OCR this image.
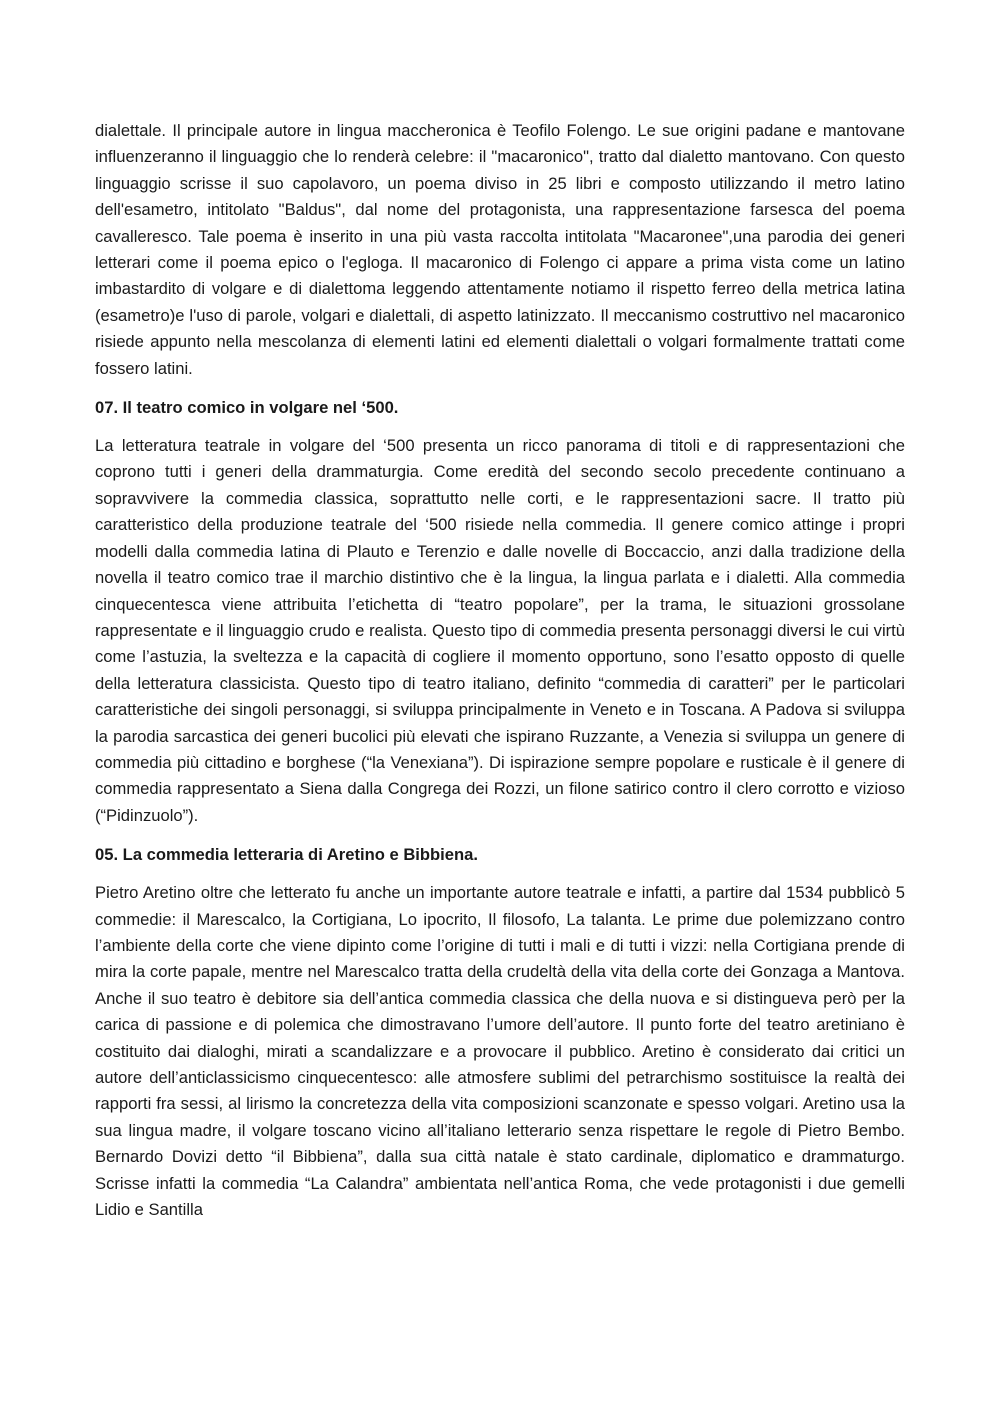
dialettale. Il principale autore in lingua maccheronica è Teofilo Folengo. Le sue origini padane e mantovane influenzeranno il linguaggio che lo renderà celebre: il "macaronico", tratto dal dialetto mantovano. Con questo linguaggio scrisse il suo capolavoro, un poema diviso in 25 libri e composto utilizzando il metro latino dell'esametro, intitolato "Baldus", dal nome del protagonista, una rappresentazione farsesca del poema cavalleresco. Tale poema è inserito in una più vasta raccolta intitolata "Macaronee",una parodia dei generi letterari come il poema epico o l'egloga. Il macaronico di Folengo ci appare a prima vista come un latino imbastardito di volgare e di dialettoma leggendo attentamente notiamo il rispetto ferreo della metrica latina (esametro)e l'uso di parole, volgari e dialettali, di aspetto latinizzato. Il meccanismo costruttivo nel macaronico risiede appunto nella mescolanza di elementi latini ed elementi dialettali o volgari formalmente trattati come fossero latini.

07. Il teatro comico in volgare nel ‘500.

La letteratura teatrale in volgare del ‘500 presenta un ricco panorama di titoli e di rappresentazioni che coprono tutti i generi della drammaturgia. Come eredità del secondo secolo precedente continuano a sopravvivere la commedia classica, soprattutto nelle corti, e le rappresentazioni sacre. Il tratto più caratteristico della produzione teatrale del ‘500 risiede nella commedia. Il genere comico attinge i propri modelli dalla commedia latina di Plauto e Terenzio e dalle novelle di Boccaccio, anzi dalla tradizione della novella il teatro comico trae il marchio distintivo che è la lingua, la lingua parlata e i dialetti. Alla commedia cinquecentesca viene attribuita l’etichetta di “teatro popolare”, per la trama, le situazioni grossolane rappresentate e il linguaggio crudo e realista. Questo tipo di commedia presenta personaggi diversi le cui virtù come l’astuzia, la sveltezza e la capacità di cogliere il momento opportuno, sono l’esatto opposto di quelle della letteratura classicista. Questo tipo di teatro italiano, definito “commedia di caratteri” per le particolari caratteristiche dei singoli personaggi, si sviluppa principalmente in Veneto e in Toscana. A Padova si sviluppa la parodia sarcastica dei generi bucolici più elevati che ispirano Ruzzante, a Venezia si sviluppa un genere di commedia più cittadino e borghese (“la Venexiana”). Di ispirazione sempre popolare e rusticale è il genere di commedia rappresentato a Siena dalla Congrega dei Rozzi, un filone satirico contro il clero corrotto e vizioso (“Pidinzuolo”).

05. La commedia letteraria di Aretino e Bibbiena.

Pietro Aretino oltre che letterato fu anche un importante autore teatrale e infatti, a partire dal 1534 pubblicò 5 commedie: il Marescalco, la Cortigiana, Lo ipocrito, Il filosofo, La talanta. Le prime due polemizzano contro l’ambiente della corte che viene dipinto come l’origine di tutti i mali e di tutti i vizzi: nella Cortigiana prende di mira la corte papale, mentre nel Marescalco tratta della crudeltà della vita della corte dei Gonzaga a Mantova. Anche il suo teatro è debitore sia dell’antica commedia classica che della nuova e si distingueva però per la carica di passione e di polemica che dimostravano l’umore dell’autore. Il punto forte del teatro aretiniano è costituito dai dialoghi, mirati a scandalizzare e a provocare il pubblico. Aretino è considerato dai critici un autore dell’anticlassicismo cinquecentesco: alle atmosfere sublimi del petrarchismo sostituisce la realtà dei rapporti fra sessi, al lirismo la concretezza della vita composizioni scanzonate e spesso volgari. Aretino usa la sua lingua madre, il volgare toscano vicino all’italiano letterario senza rispettare le regole di Pietro Bembo. Bernardo Dovizi detto “il Bibbiena”, dalla sua città natale è stato cardinale, diplomatico e drammaturgo. Scrisse infatti la commedia “La Calandra” ambientata nell’antica Roma, che vede protagonisti i due gemelli Lidio e Santilla
